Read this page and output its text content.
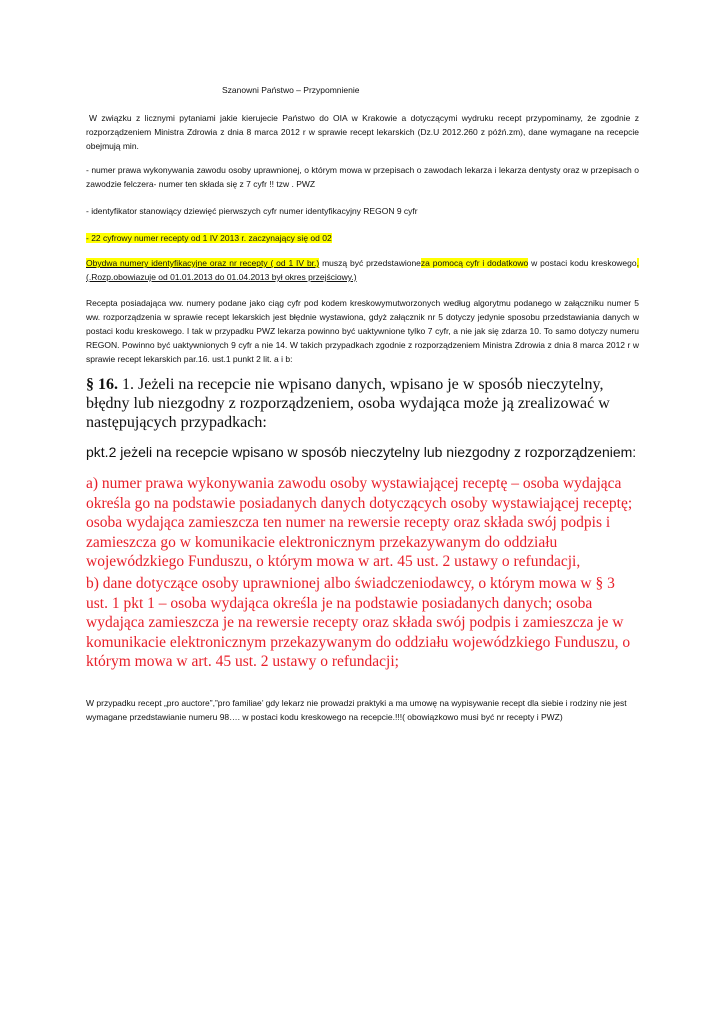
Szanowni Państwo – Przypomnienie

W związku z licznymi pytaniami jakie kierujecie Państwo do OIA w Krakowie a dotyczącymi wydruku recept przypominamy, że zgodnie z rozporządzeniem Ministra Zdrowia z dnia 8 marca 2012 r w sprawie recept lekarskich (Dz.U 2012.260 z późń.zm), dane wymagane na recepcie obejmują min.

- numer prawa wykonywania zawodu osoby uprawnionej, o którym mowa w przepisach o zawodach lekarza i lekarza dentysty oraz w przepisach o zawodzie felczera- numer ten składa się z 7 cyfr !! tzw . PWZ

- identyfikator stanowiący dziewięć pierwszych cyfr numer identyfikacyjny REGON 9 cyfr

- 22 cyfrowy numer recepty od 1 IV 2013 r. zaczynający się od 02

Obydwa numery identyfikacyjne oraz nr recepty ( od 1 IV br.) muszą być przedstawioneza pomocą cyfr i dodatkowo w postaci kodu kreskowego, (.Rozp.obowiazuje od 01.01.2013 do 01.04.2013 był okres przejściowy.)

Recepta posiadająca ww. numery podane jako ciąg cyfr pod kodem kreskowymutworzonych według algorytmu podanego w załączniku numer 5 ww. rozporządzenia w sprawie recept lekarskich jest błędnie wystawiona, gdyż załącznik nr 5 dotyczy jedynie sposobu przedstawiania danych w postaci kodu kreskowego. I tak w przypadku PWZ lekarza powinno być uaktywnione tylko 7 cyfr, a nie jak się zdarza 10. To samo dotyczy numeru REGON. Powinno być uaktywnionych 9 cyfr a nie 14. W takich przypadkach zgodnie z rozporządzeniem Ministra Zdrowia z dnia 8 marca 2012 r w sprawie recept lekarskich par.16. ust.1 punkt 2 lit. a i b:

§ 16. 1. Jeżeli na recepcie nie wpisano danych, wpisano je w sposób nieczytelny, błędny lub niezgodny z rozporządzeniem, osoba wydająca może ją zrealizować w następujących przypadkach:

pkt.2 jeżeli na recepcie wpisano w sposób nieczytelny lub niezgodny z rozporządzeniem:

a) numer prawa wykonywania zawodu osoby wystawiającej receptę – osoba wydająca określa go na podstawie posiadanych danych dotyczących osoby wystawiającej receptę; osoba wydająca zamieszcza ten numer na rewersie recepty oraz składa swój podpis i zamieszcza go w komunikacie elektronicznym przekazywanym do oddziału wojewódzkiego Funduszu, o którym mowa w art. 45 ust. 2 ustawy o refundacji,

b) dane dotyczące osoby uprawnionej albo świadczeniodawcy, o którym mowa w § 3 ust. 1 pkt 1 – osoba wydająca określa je na podstawie posiadanych danych; osoba wydająca zamieszcza je na rewersie recepty oraz składa swój podpis i zamieszcza je w komunikacie elektronicznym przekazywanym do oddziału wojewódzkiego Funduszu, o którym mowa w art. 45 ust. 2 ustawy o refundacji;

W przypadku recept „pro auctore”,”pro familiae’ gdy lekarz nie prowadzi praktyki a ma umowę na wypisywanie recept dla siebie i rodziny nie jest wymagane przedstawianie numeru 98…. w postaci kodu kreskowego na recepcie.!!!( obowiązkowo musi być nr recepty i PWZ)
